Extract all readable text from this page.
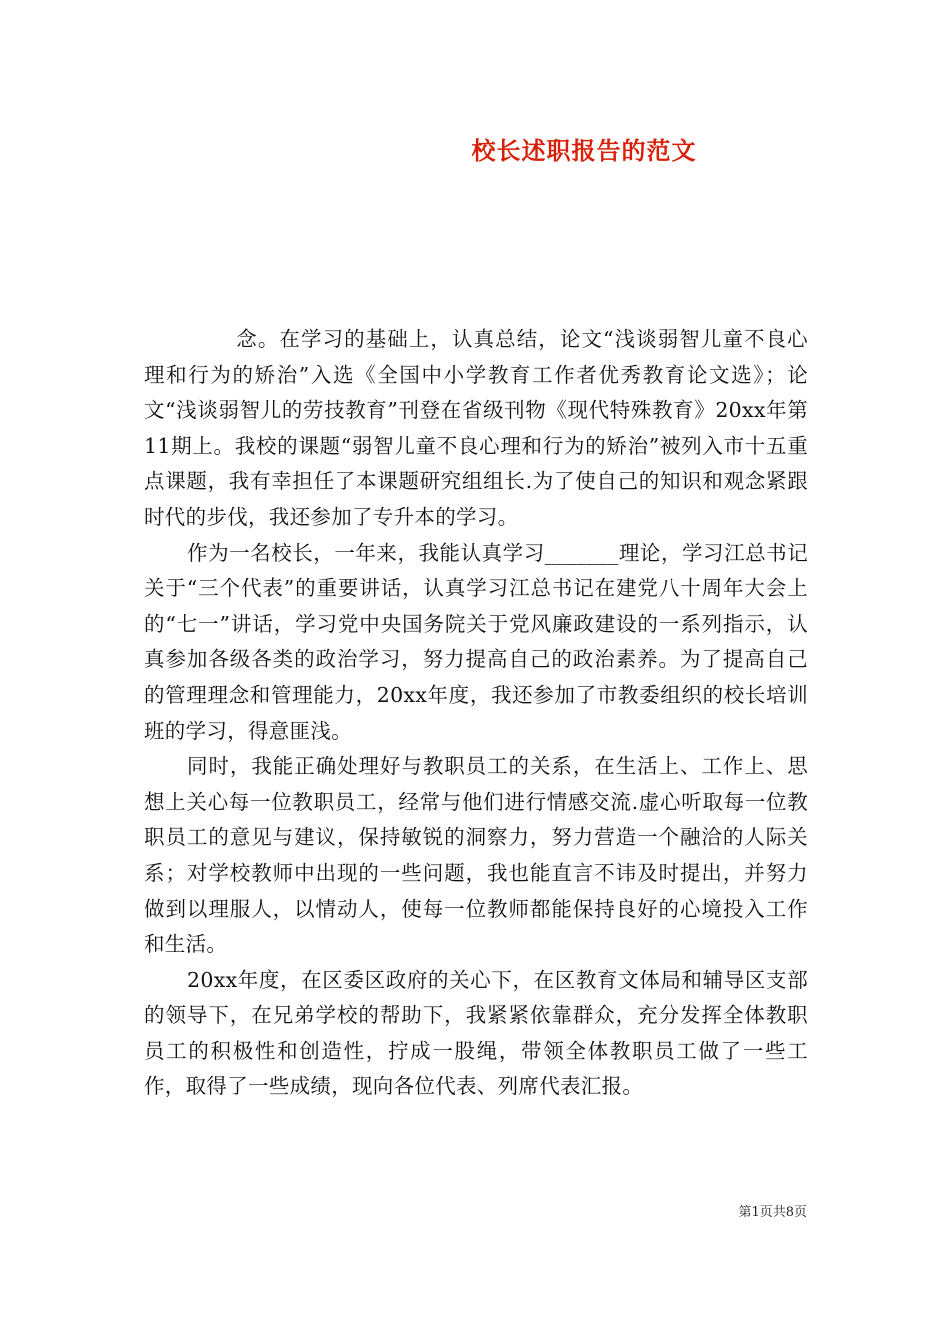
校长述职报告的范文

念。在学习的基础上，认真总结，论文“浅谈弱智儿童不良心理和行为的矫治”入选《全国中小学教育工作者优秀教育论文选》；论文“浅谈弱智儿的劳技教育”刊登在省级刊物《现代特殊教育》20xx年第11期上。我校的课题“弱智儿童不良心理和行为的矫治”被列入市十五重点课题，我有幸担任了本课题研究组组长.为了使自己的知识和观念紧跟时代的步伐，我还参加了专升本的学习。

作为一名校长，一年来，我能认真学习_______理论，学习江总书记关于“三个代表”的重要讲话，认真学习江总书记在建党八十周年大会上的“七一”讲话，学习党中央国务院关于党风廉政建设的一系列指示，认真参加各级各类的政治学习，努力提高自己的政治素养。为了提高自己的管理理念和管理能力，20xx年度，我还参加了市教委组织的校长培训班的学习，得意匪浅。

同时，我能正确处理好与教职员工的关系，在生活上、工作上、思想上关心每一位教职员工，经常与他们进行情感交流.虚心听取每一位教职员工的意见与建议，保持敏锐的洞察力，努力营造一个融洽的人际关系；对学校教师中出现的一些问题，我也能直言不讳及时提出，并努力做到以理服人，以情动人，使每一位教师都能保持良好的心境投入工作和生活。

20xx年度，在区委区政府的关心下，在区教育文体局和辅导区支部的领导下，在兄弟学校的帮助下，我紧紧依靠群众，充分发挥全体教职员工的积极性和创造性，拧成一股绳，带领全体教职员工做了一些工作，取得了一些成绩，现向各位代表、列席代表汇报。

第1页共8页
